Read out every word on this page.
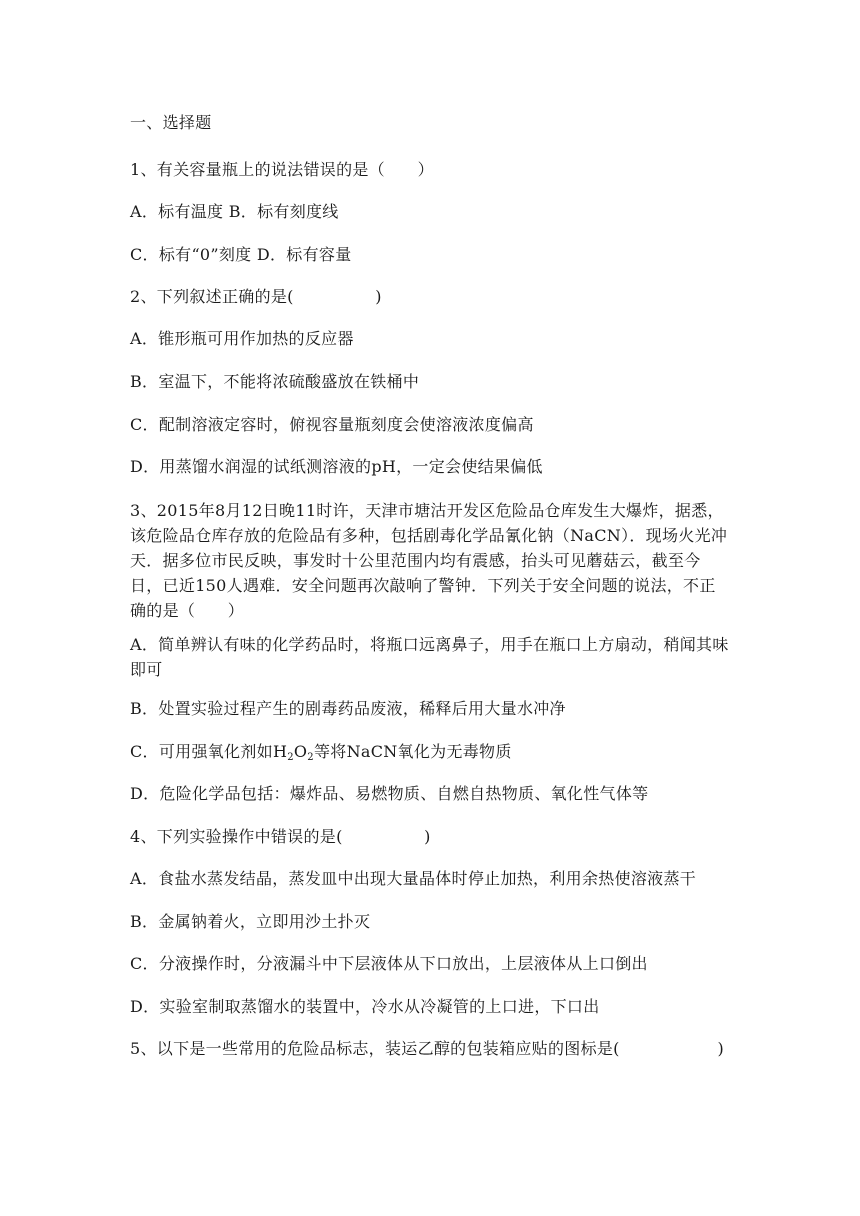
一、选择题
1、有关容量瓶上的说法错误的是（　　）
A．标有温度 B．标有刻度线
C．标有“0”刻度 D．标有容量
2、下列叙述正确的是(　　　　　)
A．锥形瓶可用作加热的反应器
B．室温下，不能将浓硫酸盛放在铁桶中
C．配制溶液定容时，俯视容量瓶刻度会使溶液浓度偏高
D．用蒸馏水润湿的试纸测溶液的pH，一定会使结果偏低
3、2015年8月12日晚11时许，天津市塘沽开发区危险品仓库发生大爆炸，据悉，该危险品仓库存放的危险品有多种，包括剧毒化学品氰化钠（NaCN）．现场火光冲天．据多位市民反映，事发时十公里范围内均有震感，抬头可见蘑菇云，截至今日，已近150人遇难．安全问题再次敲响了警钟．下列关于安全问题的说法，不正确的是（　　）
A．简单辨认有味的化学药品时，将瓶口远离鼻子，用手在瓶口上方扇动，稍闻其味即可
B．处置实验过程产生的剧毒药品废液，稀释后用大量水冲净
C．可用强氧化剂如$H_2O_2$等将NaCN氧化为无毒物质
D．危险化学品包括：爆炸品、易燃物质、自燃自热物质、氧化性气体等
4、下列实验操作中错误的是(　　　　　)
A．食盐水蒸发结晶，蒸发皿中出现大量晶体时停止加热，利用余热使溶液蒸干
B．金属钠着火，立即用沙土扑灭
C．分液操作时，分液漏斗中下层液体从下口放出，上层液体从上口倒出
D．实验室制取蒸馏水的装置中，冷水从冷凝管的上口进，下口出
5、以下是一些常用的危险品标志，装运乙醇的包装箱应贴的图标是(　　　　　　)
